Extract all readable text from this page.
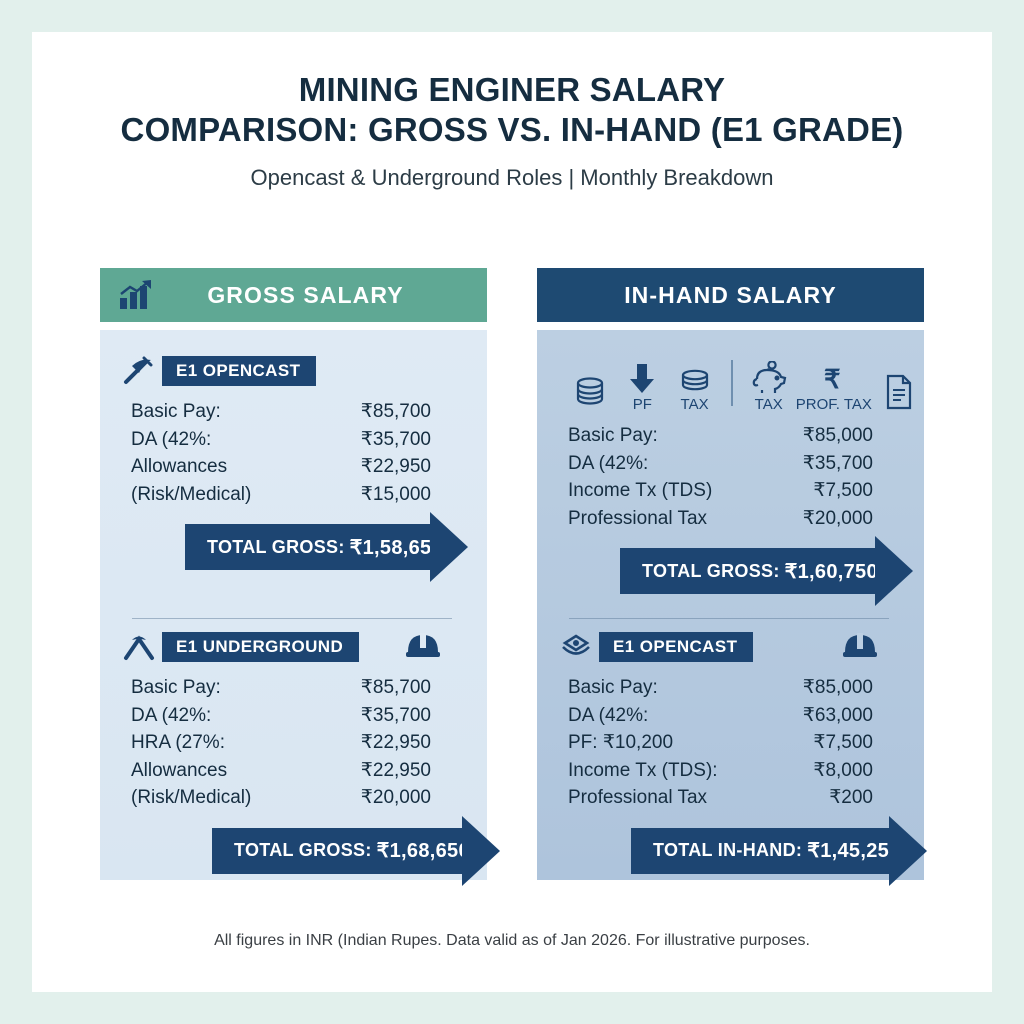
MINING ENGINER SALARY
COMPARISON: GROSS VS. IN-HAND (E1 GRADE)
Opencast & Underground Roles | Monthly Breakdown
GROSS SALARY	IN-HAND SALARY
E1 OPENCAST
Basic Pay:	₹85,700
DA (42%:	₹35,700
Allowances	₹22,950
(Risk/Medical)	₹15,000
TOTAL GROSS: ₹1,58,650
E1 UNDERGROUND
Basic Pay:	₹85,700
DA (42%:	₹35,700
HRA (27%:	₹22,950
Allowances	₹22,950
(Risk/Medical)	₹20,000
TOTAL GROSS: ₹1,68,650
PF TAX	TAX
₹
PROF. TAX
Basic Pay:	₹85,000
DA (42%:	₹35,700
Income Tx (TDS)	₹7,500
Professional Tax	₹20,000
TOTAL GROSS: ₹1,60,750
E1 OPENCAST
Basic Pay:	₹85,000
DA (42%:	₹63,000
PF: ₹10,200	₹7,500
Income Tx (TDS):	₹8,000
Professional Tax	₹200
TOTAL IN-HAND: ₹1,45,250
All figures in INR (Indian Rupes. Data valid as of Jan 2026. For illustrative purposes.
